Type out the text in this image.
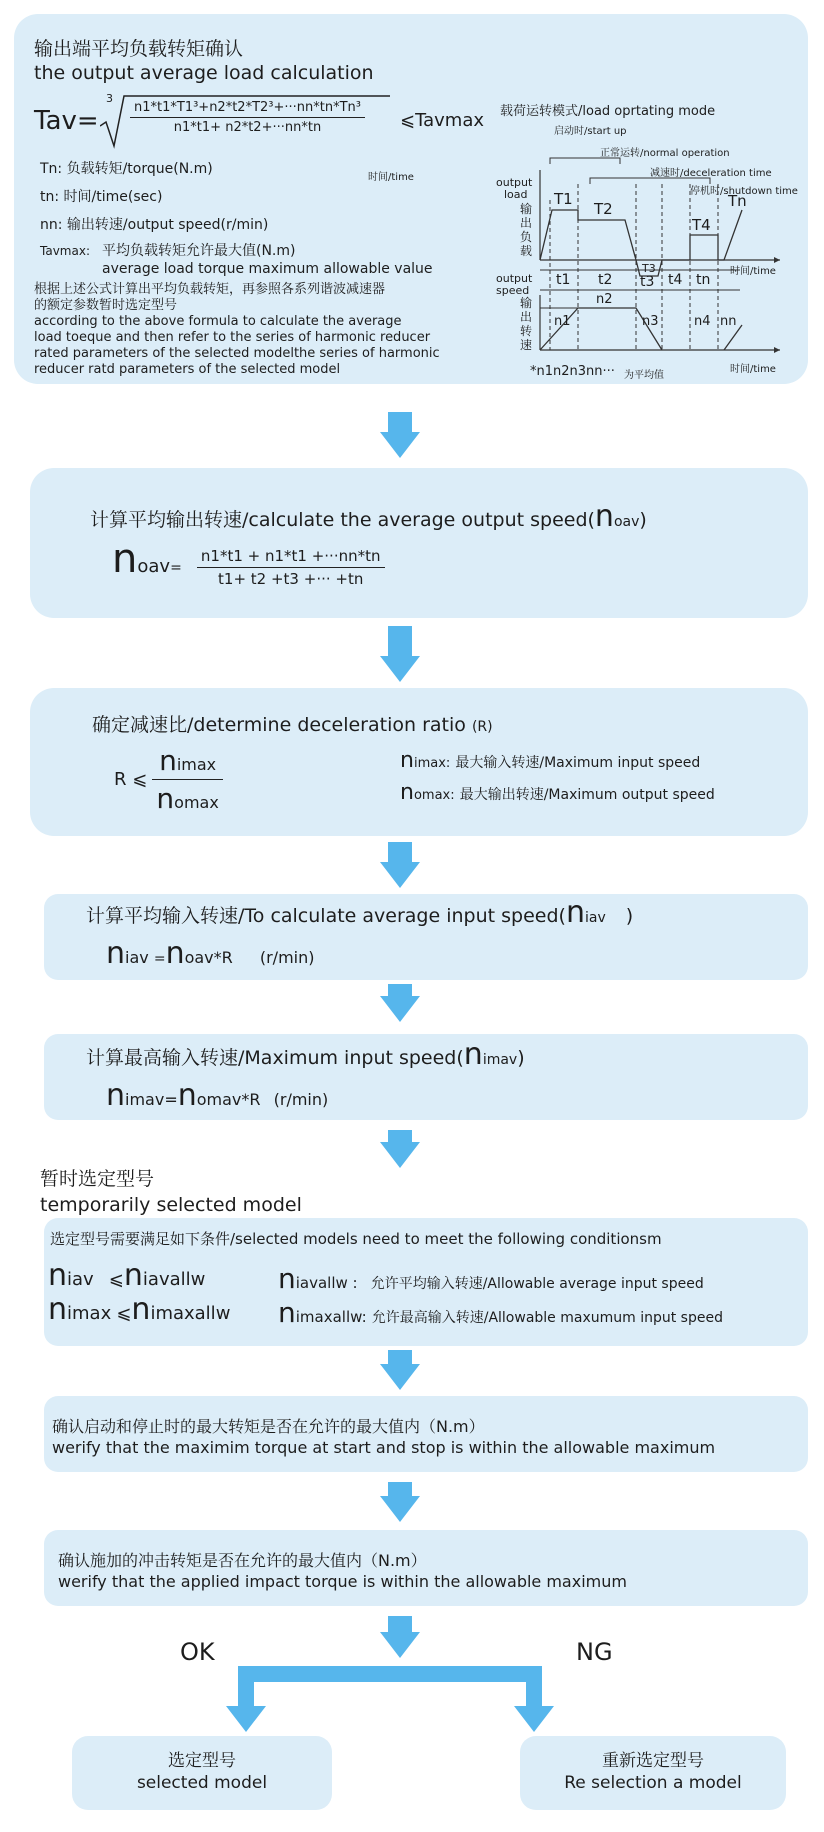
输出端平均负载转矩确认
the output average load calculation
Tav=
3
$\frac{\text{n1*t1*T1³+n2*t2*T2³+···nn*tn*Tn³}}{n1*t1+ n2*t2+\cdot\cdot\cdot nn*tn}$ ⩽Tavmax
Tn: 负载转矩/torque(N.m)
时间/time
tn: 时间/time(sec)
nn: 输出转速/output speed(r/min)
Tavmax: 平均负载转矩允许最大值(N.m)
average load torque maximum allowable value
根据上述公式计算出平均负载转矩，再参照各系列谐波减速器
的额定参数暂时选定型号
according to the above formula to calculate the average
load toeque and then refer to the series of harmonic reducer
rated parameters of the selected modelthe series of harmonic
reducer ratd parameters of the selected model
载荷运转模式/load oprtating mode
启动时/start up
正常运转/normal operation
减速时/deceleration time
停机时/shutdown time
output
load
输出负载
output
speed
输出转速
T1
T2
T3
T4
Tn
时间/time
t1 t2 t3 t4 tn
n1
n2
n3	n4 nn
时间/time
*n1n2n3nn··· 为平均值
计算平均输出转速/calculate the average output speed(noav)
noav= $\frac{n1*t1 + n1*t1 +\cdot\cdot\cdot nn*tn}{t1+ t2 +t3 +\cdot\cdot\cdot +tn}$
确定减速比/determine deceleration ratio (R)
R ⩽ $\frac{nimax}{nomax}$	nimax: 最大输入转速/Maximum input speed
nomax: 最大输出转速/Maximum output speed
计算平均输入转速/To calculate average input speed(niav )
niav =noav*R (r/min)
计算最高输入转速/Maximum input speed(nimav)
nimav=nomav*R (r/min)
暂时选定型号
temporarily selected model
选定型号需要满足如下条件/selected models need to meet the following conditionsm
niav ⩽niavallw
nimax ⩽nimaxallw
niavallw : 允许平均输入转速/Allowable average input speed
nimaxallw: 允许最高输入转速/Allowable maxumum input speed
确认启动和停止时的最大转矩是否在允许的最大值内（N.m）
werify that the maximim torque at start and stop is within the allowable maximum
确认施加的冲击转矩是否在允许的最大值内（N.m）
werify that the applied impact torque is within the allowable maximum
OK	NG
选定型号
selected model
重新选定型号
Re selection a model
